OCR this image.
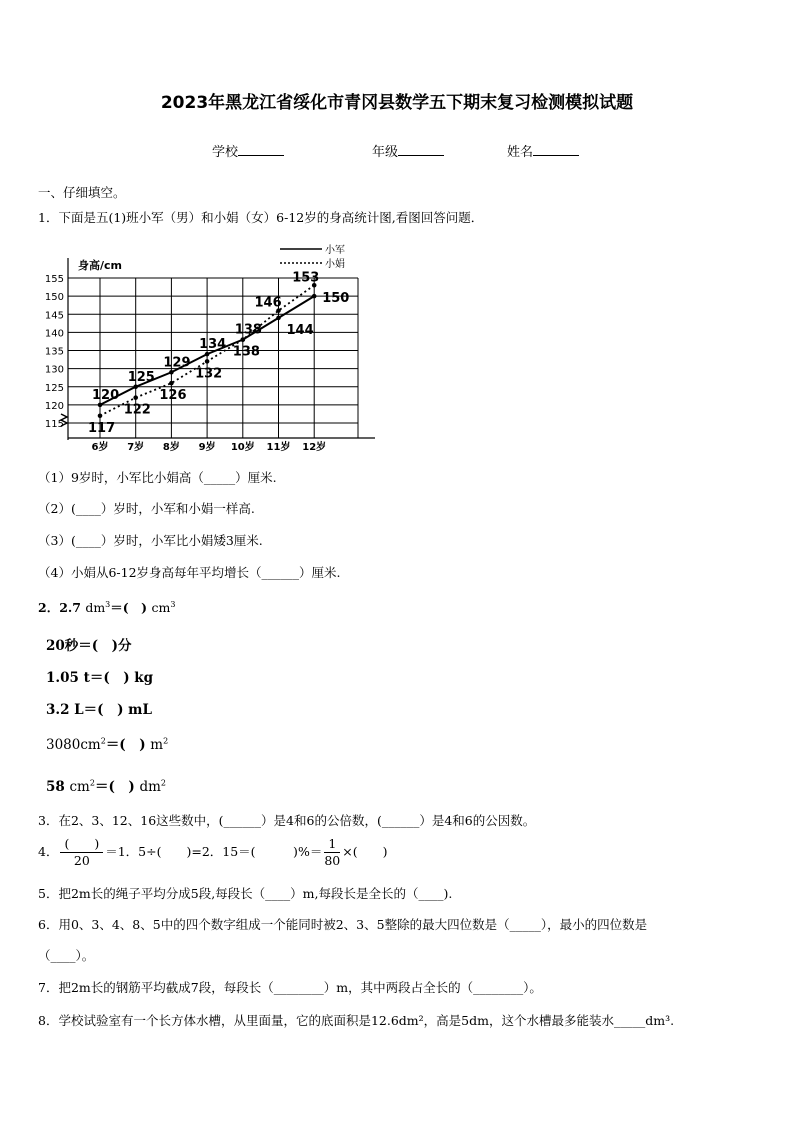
2023年黑龙江省绥化市青冈县数学五下期末复习检测模拟试题
学校	年级	姓名
一、仔细填空。
1．下面是五(1)班小军（男）和小娟（女）6-12岁的身高统计图,看图回答问题．
115
120
125
130
135
140
145
150
155
6岁 7岁 8岁 9岁 10岁 11岁 12岁
120
125
129
134
138 144
150
117
122
126
132
138
146
153
小军
小娟
身高/cm
（1）9岁时，小军比小娟高（_____）厘米.
（2）(____）岁时，小军和小娟一样高.
（3）(____）岁时，小军比小娟矮3厘米.
（4）小娟从6-12岁身高每年平均增长（______）厘米.
2．2.7 $dm^3=$(　) $cm^3$
20秒＝(　)分
1.05 t＝(　) kg
3.2 L＝(　) mL
$3080cm^2=$(　) $m^2$
58 $cm^2=$(　) $dm^2$
3．在2、3、12、16这些数中，(______）是4和6的公倍数，(______）是4和6的公因数。
4． $\frac{( )}{20} =1$．5÷(　　)=2．15＝(　　　)%＝ $\frac{1}{80}$ ×(　　)
5．把2m长的绳子平均分成5段,每段长（____）m,每段长是全长的（____).
6．用0、3、4、8、5中的四个数字组成一个能同时被2、3、5整除的最大四位数是（_____），最小的四位数是
（____）。
7．把2m长的钢筋平均截成7段，每段长（________）m，其中两段占全长的（________）。
8．学校试验室有一个长方体水槽，从里面量，它的底面积是12.6dm²，高是5dm，这个水槽最多能装水_____dm³.
